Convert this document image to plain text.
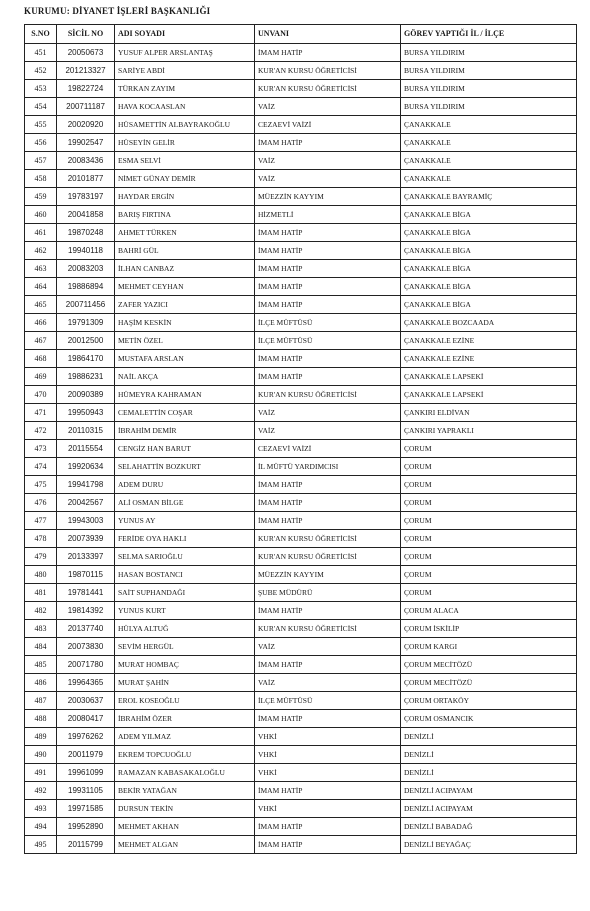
KURUMU: DİYANET İŞLERİ BAŞKANLIĞI
S.NO	SİCİL NO	ADI SOYADI	UNVANI	GÖREV YAPTIĞI İL / İLÇE
451	20050673	YUSUF ALPER ARSLANTAŞ	İMAM HATİP	BURSA YILDIRIM
452	201213327	SARİYE ABDİ	KUR'AN KURSU ÖĞRETİCİSİ	BURSA YILDIRIM
453	19822724	TÜRKAN ZAYIM	KUR'AN KURSU ÖĞRETİCİSİ	BURSA YILDIRIM
454	200711187	HAVA KOCAASLAN	VAİZ	BURSA YILDIRIM
455	20020920	HÜSAMETTİN ALBAYRAKOĞLU	CEZAEVİ VAİZİ	ÇANAKKALE
456	19902547	HÜSEYİN GELİR	İMAM HATİP	ÇANAKKALE
457	20083436	ESMA SELVİ	VAİZ	ÇANAKKALE
458	20101877	NİMET GÜNAY DEMİR	VAİZ	ÇANAKKALE
459	19783197	HAYDAR ERGİN	MÜEZZİN KAYYIM	ÇANAKKALE BAYRAMİÇ
460	20041858	BARIŞ FIRTINA	HİZMETLİ	ÇANAKKALE BİGA
461	19870248	AHMET TÜRKEN	İMAM HATİP	ÇANAKKALE BİGA
462	19940118	BAHRİ GÜL	İMAM HATİP	ÇANAKKALE BİGA
463	20083203	İLHAN CANBAZ	İMAM HATİP	ÇANAKKALE BİGA
464	19886894	MEHMET CEYHAN	İMAM HATİP	ÇANAKKALE BİGA
465	200711456	ZAFER YAZICI	İMAM HATİP	ÇANAKKALE BİGA
466	19791309	HAŞİM KESKİN	İLÇE MÜFTÜSÜ	ÇANAKKALE BOZCAADA
467	20012500	METİN ÖZEL	İLÇE MÜFTÜSÜ	ÇANAKKALE EZİNE
468	19864170	MUSTAFA ARSLAN	İMAM HATİP	ÇANAKKALE EZİNE
469	19886231	NAİL AKÇA	İMAM HATİP	ÇANAKKALE LAPSEKİ
470	20090389	HÜMEYRA KAHRAMAN	KUR'AN KURSU ÖĞRETİCİSİ	ÇANAKKALE LAPSEKİ
471	19950943	CEMALETTİN COŞAR	VAİZ	ÇANKIRI ELDİVAN
472	20110315	İBRAHİM DEMİR	VAİZ	ÇANKIRI YAPRAKLI
473	20115554	CENGİZ HAN BARUT	CEZAEVİ VAİZİ	ÇORUM
474	19920634	SELAHATTİN BOZKURT	İL MÜFTÜ YARDIMCISI	ÇORUM
475	19941798	ADEM DURU	İMAM HATİP	ÇORUM
476	20042567	ALİ OSMAN BİLGE	İMAM HATİP	ÇORUM
477	19943003	YUNUS AY	İMAM HATİP	ÇORUM
478	20073939	FERİDE OYA HAKLI	KUR'AN KURSU ÖĞRETİCİSİ	ÇORUM
479	20133397	SELMA SARIOĞLU	KUR'AN KURSU ÖĞRETİCİSİ	ÇORUM
480	19870115	HASAN BOSTANCI	MÜEZZİN KAYYIM	ÇORUM
481	19781441	SAİT SUPHANDAĞI	ŞUBE MÜDÜRÜ	ÇORUM
482	19814392	YUNUS KURT	İMAM HATİP	ÇORUM ALACA
483	20137740	HÜLYA ALTUĞ	KUR'AN KURSU ÖĞRETİCİSİ	ÇORUM İSKİLİP
484	20073830	SEVİM HERGÜL	VAİZ	ÇORUM KARGI
485	20071780	MURAT HOMBAÇ	İMAM HATİP	ÇORUM MECİTÖZÜ
486	19964365	MURAT ŞAHİN	VAİZ	ÇORUM MECİTÖZÜ
487	20030637	EROL KOSEOĞLU	İLÇE MÜFTÜSÜ	ÇORUM ORTAKÖY
488	20080417	İBRAHİM ÖZER	İMAM HATİP	ÇORUM OSMANCIK
489	19976262	ADEM YILMAZ	VHKİ	DENİZLİ
490	20011979	EKREM TOPCUOĞLU	VHKİ	DENİZLİ
491	19961099	RAMAZAN KABASAKALOĞLU	VHKİ	DENİZLİ
492	19931105	BEKİR YATAĞAN	İMAM HATİP	DENİZLİ ACIPAYAM
493	19971585	DURSUN TEKİN	VHKİ	DENİZLİ ACIPAYAM
494	19952890	MEHMET AKHAN	İMAM HATİP	DENİZLİ BABADAĞ
495	20115799	MEHMET ALGAN	İMAM HATİP	DENİZLİ BEYAĞAÇ
